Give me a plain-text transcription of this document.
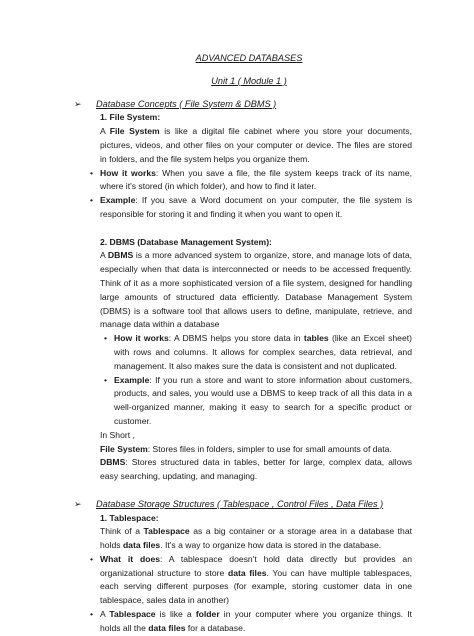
ADVANCED DATABASES

Unit 1 ( Module 1 )

➢ Database Concepts ( File System & DBMS )

1. File System:

A File System is like a digital file cabinet where you store your documents, pictures, videos, and other files on your computer or device. The files are stored in folders, and the file system helps you organize them.

• How it works: When you save a file, the file system keeps track of its name, where it's stored (in which folder), and how to find it later.
• Example: If you save a Word document on your computer, the file system is responsible for storing it and finding it when you want to open it.

2. DBMS (Database Management System):

A DBMS is a more advanced system to organize, store, and manage lots of data, especially when that data is interconnected or needs to be accessed frequently. Think of it as a more sophisticated version of a file system, designed for handling large amounts of structured data efficiently. Database Management System (DBMS) is a software tool that allows users to define, manipulate, retrieve, and manage data within a database

• How it works: A DBMS helps you store data in tables (like an Excel sheet) with rows and columns. It allows for complex searches, data retrieval, and management. It also makes sure the data is consistent and not duplicated.
• Example: If you run a store and want to store information about customers, products, and sales, you would use a DBMS to keep track of all this data in a well-organized manner, making it easy to search for a specific product or customer.

In Short ,

File System: Stores files in folders, simpler to use for small amounts of data.

DBMS: Stores structured data in tables, better for large, complex data, allows easy searching, updating, and managing.

➢ Database Storage Structures ( Tablespace , Control Files , Data Files )

1. Tablespace:

Think of a Tablespace as a big container or a storage area in a database that holds data files. It's a way to organize how data is stored in the database.

• What it does: A tablespace doesn't hold data directly but provides an organizational structure to store data files. You can have multiple tablespaces, each serving different purposes (for example, storing customer data in one tablespace, sales data in another)
• A Tablespace is like a folder in your computer where you organize things. It holds all the data files for a database.
